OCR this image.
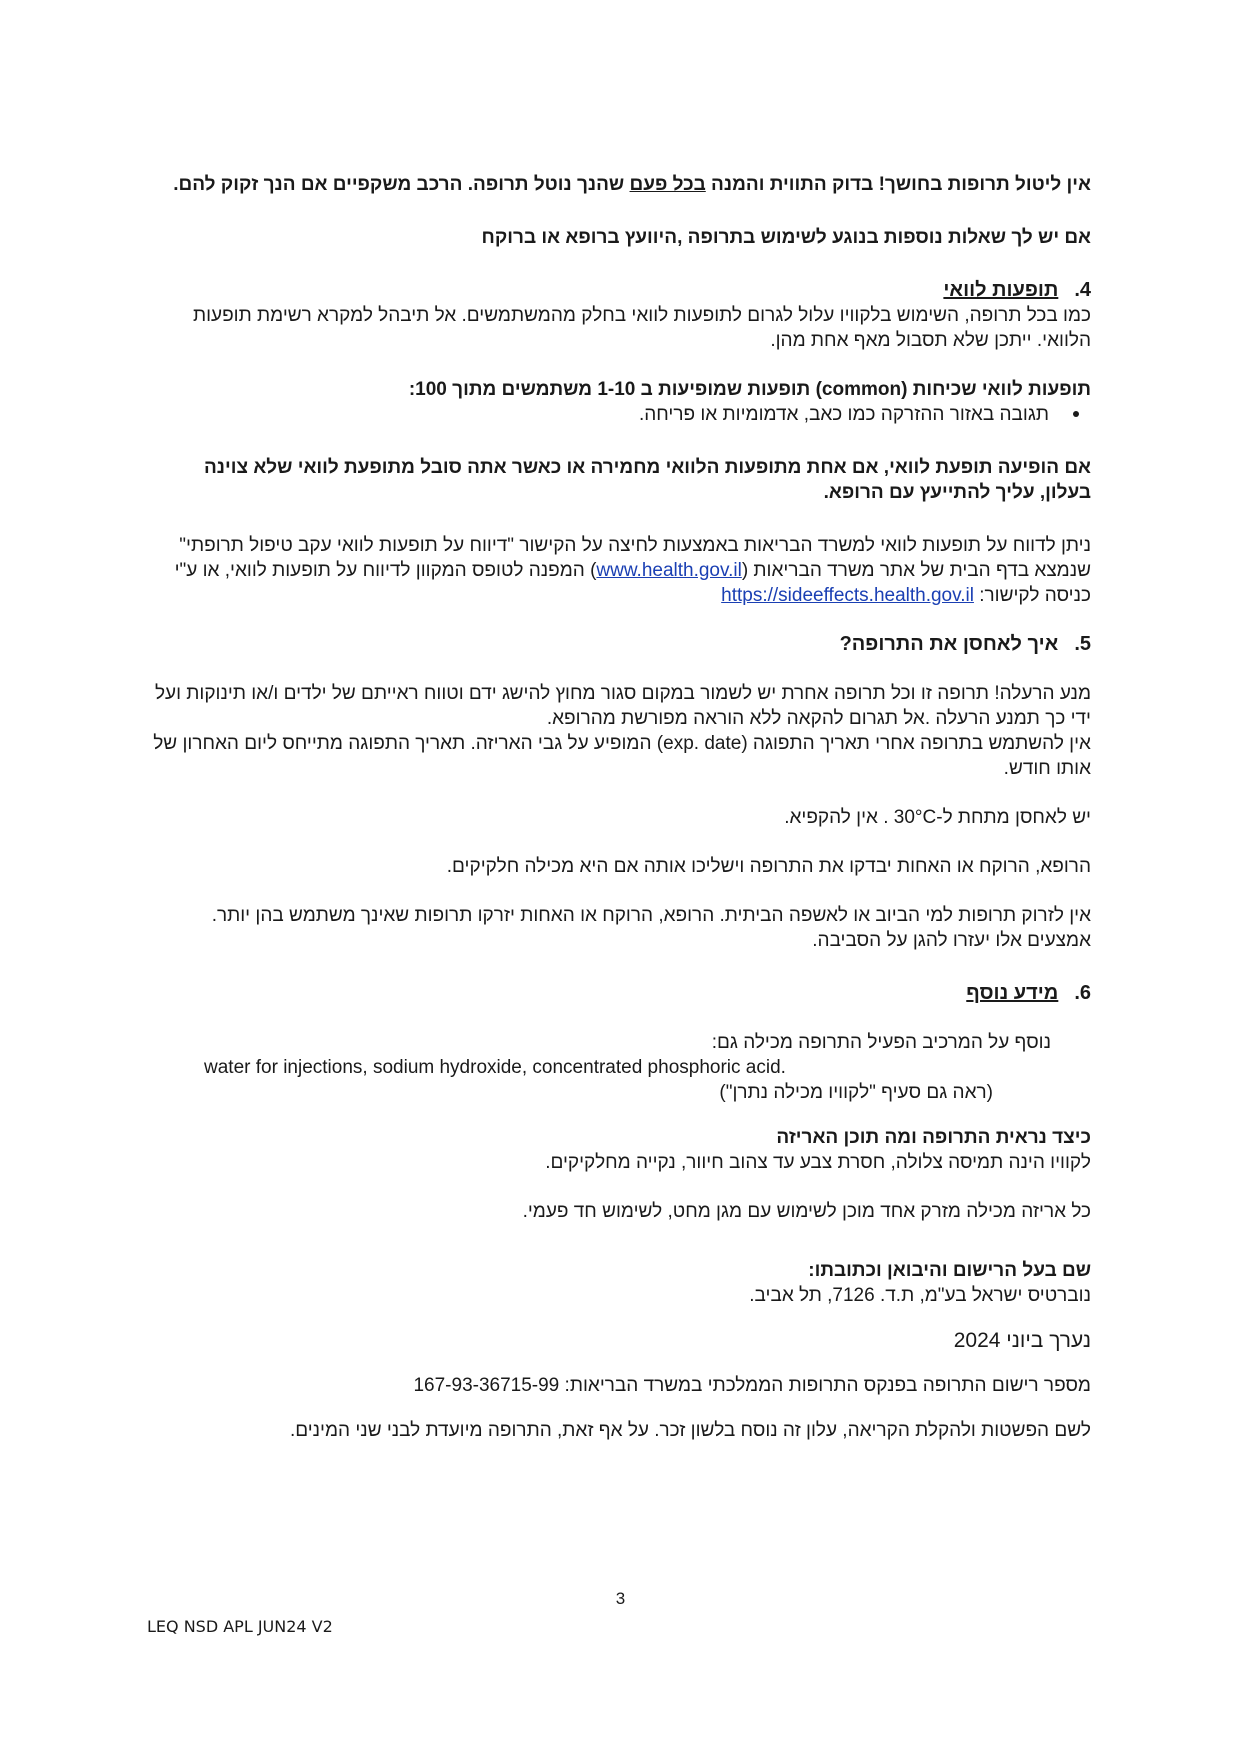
אין ליטול תרופות בחושך! בדוק התווית והמנה בכל פעם שהנך נוטל תרופה. הרכב משקפיים אם הנך זקוק להם.

אם יש לך שאלות נוספות בנוגע לשימוש בתרופה ,היוועץ ברופא או ברוקח

4.תופעות לוואי

כמו בכל תרופה, השימוש בלקוויו עלול לגרום לתופעות לוואי בחלק מהמשתמשים. אל תיבהל למקרא רשימת תופעות הלוואי. ייתכן שלא תסבול מאף אחת מהן.

תופעות לוואי שכיחות (common) תופעות שמופיעות ב 1-10 משתמשים מתוך 100:

תגובה באזור ההזרקה כמו כאב, אדמומיות או פריחה.

אם הופיעה תופעת לוואי, אם אחת מתופעות הלוואי מחמירה או כאשר אתה סובל מתופעת לוואי שלא צוינה בעלון, עליך להתייעץ עם הרופא.

ניתן לדווח על תופעות לוואי למשרד הבריאות באמצעות לחיצה על הקישור "דיווח על תופעות לוואי עקב טיפול תרופתי" שנמצא בדף הבית של אתר משרד הבריאות (www.health.gov.il) המפנה לטופס המקוון לדיווח על תופעות לוואי, או ע"י כניסה לקישור: https://sideeffects.health.gov.il

5.איך לאחסן את התרופה?

מנע הרעלה! תרופה זו וכל תרופה אחרת יש לשמור במקום סגור מחוץ להישג ידם וטווח ראייתם של ילדים ו/או תינוקות ועל ידי כך תמנע הרעלה .אל תגרום להקאה ללא הוראה מפורשת מהרופא.

אין להשתמש בתרופה אחרי תאריך התפוגה (exp. date) המופיע על גבי האריזה. תאריך התפוגה מתייחס ליום האחרון של אותו חודש.

יש לאחסן מתחת ל-30°C . אין להקפיא.

הרופא, הרוקח או האחות יבדקו את התרופה וישליכו אותה אם היא מכילה חלקיקים.

אין לזרוק תרופות למי הביוב או לאשפה הביתית. הרופא, הרוקח או האחות יזרקו תרופות שאינך משתמש בהן יותר. אמצעים אלו יעזרו להגן על הסביבה.

6.מידע נוסף

נוסף על המרכיב הפעיל התרופה מכילה גם:

water for injections, sodium hydroxide, concentrated phosphoric acid.

(ראה גם סעיף "לקוויו מכילה נתרן")

כיצד נראית התרופה ומה תוכן האריזה

לקוויו הינה תמיסה צלולה, חסרת צבע עד צהוב חיוור, נקייה מחלקיקים.

כל אריזה מכילה מזרק אחד מוכן לשימוש עם מגן מחט, לשימוש חד פעמי.

שם בעל הרישום והיבואן וכתובתו:

נוברטיס ישראל בע"מ, ת.ד. 7126, תל אביב.

נערך ביוני 2024

מספר רישום התרופה בפנקס התרופות הממלכתי במשרד הבריאות: 167-93-36715-99

לשם הפשטות ולהקלת הקריאה, עלון זה נוסח בלשון זכר. על אף זאת, התרופה מיועדת לבני שני המינים.

3
LEQ NSD APL JUN24 V2
